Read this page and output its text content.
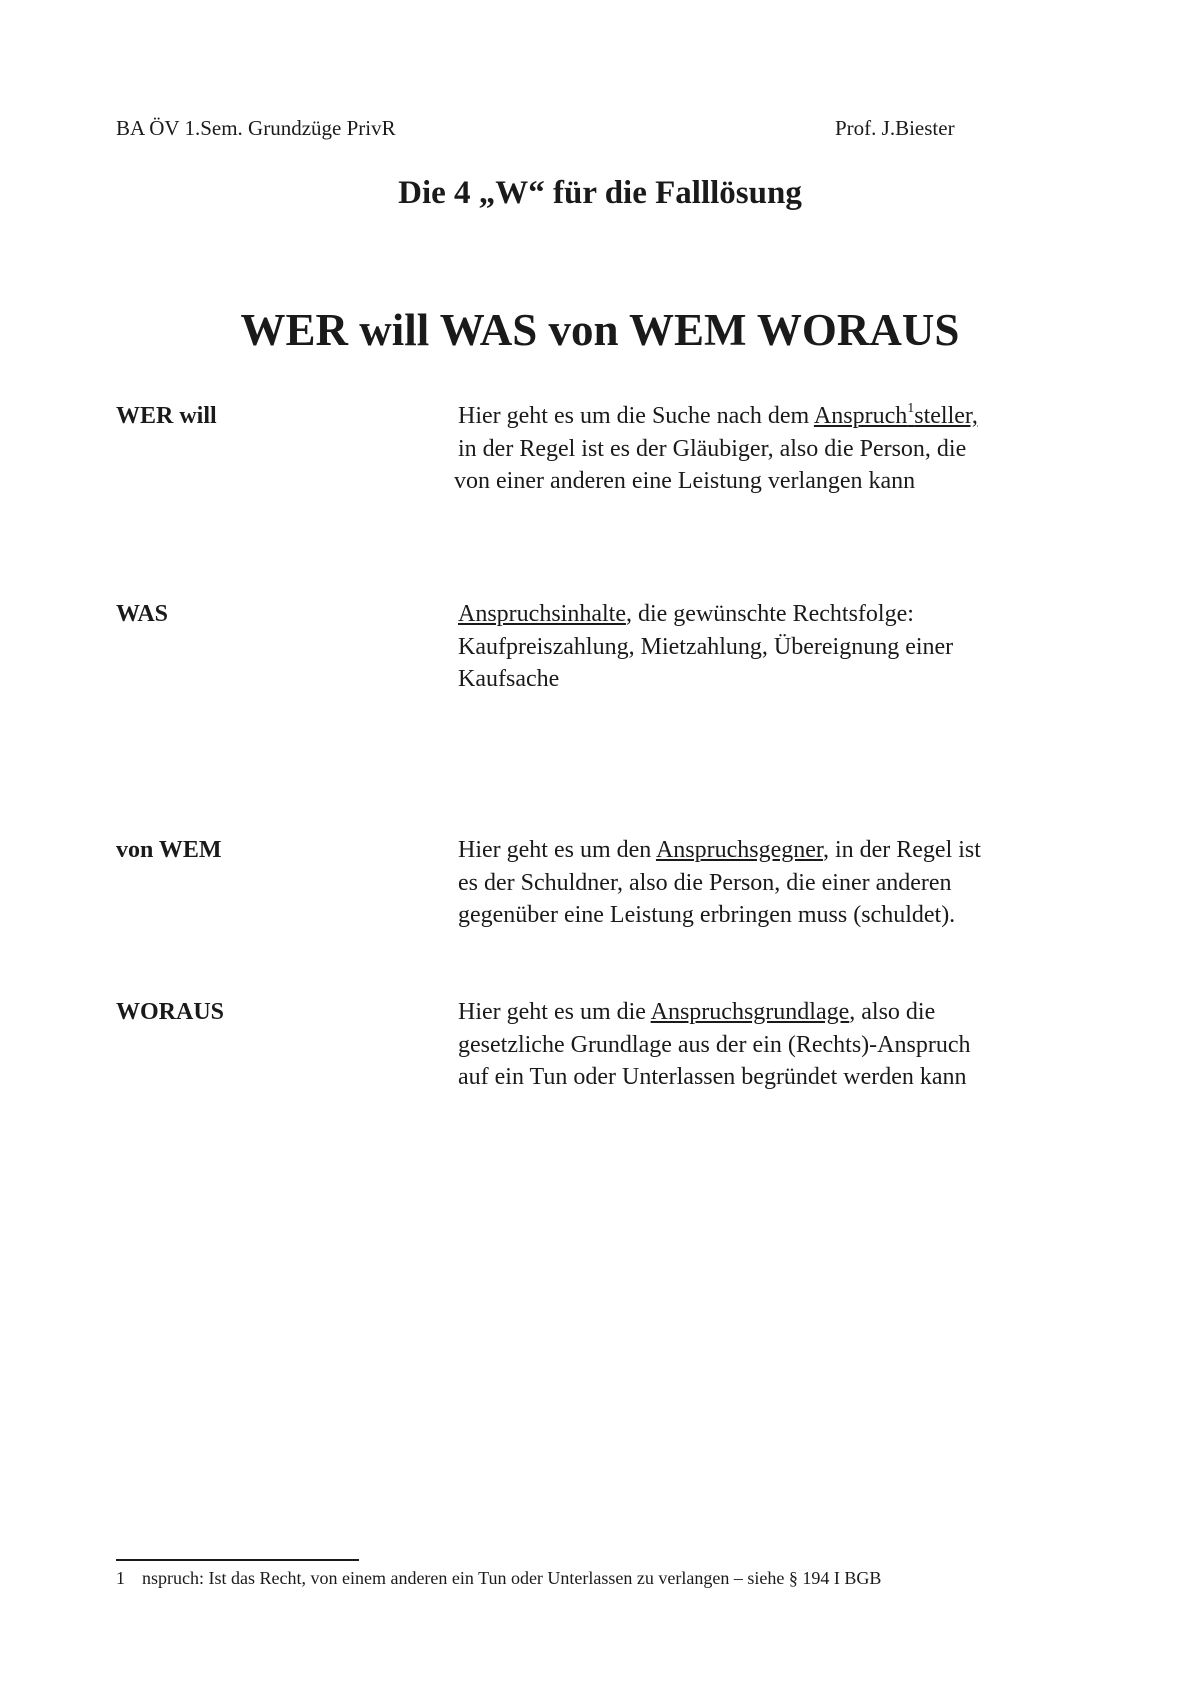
BA ÖV 1.Sem. Grundzüge PrivR	Prof. J.Biester
Die 4 „W“ für die Falllösung
WER will WAS von WEM WORAUS
WER will	Hier geht es um die Suche nach dem Anspruch$^1$steller,
in der Regel ist es der Gläubiger, also die Person, die
von einer anderen eine Leistung verlangen kann
WAS	Anspruchsinhalte, die gewünschte Rechtsfolge:
Kaufpreiszahlung, Mietzahlung, Übereignung einer
Kaufsache
von WEM	Hier geht es um den Anspruchsgegner, in der Regel ist
es der Schuldner, also die Person, die einer anderen
gegenüber eine Leistung erbringen muss (schuldet).
WORAUS	Hier geht es um die Anspruchsgrundlage, also die
gesetzliche Grundlage aus der ein (Rechts)-Anspruch
auf ein Tun oder Unterlassen begründet werden kann
1 nspruch: Ist das Recht, von einem anderen ein Tun oder Unterlassen zu verlangen – siehe § 194 I BGB
